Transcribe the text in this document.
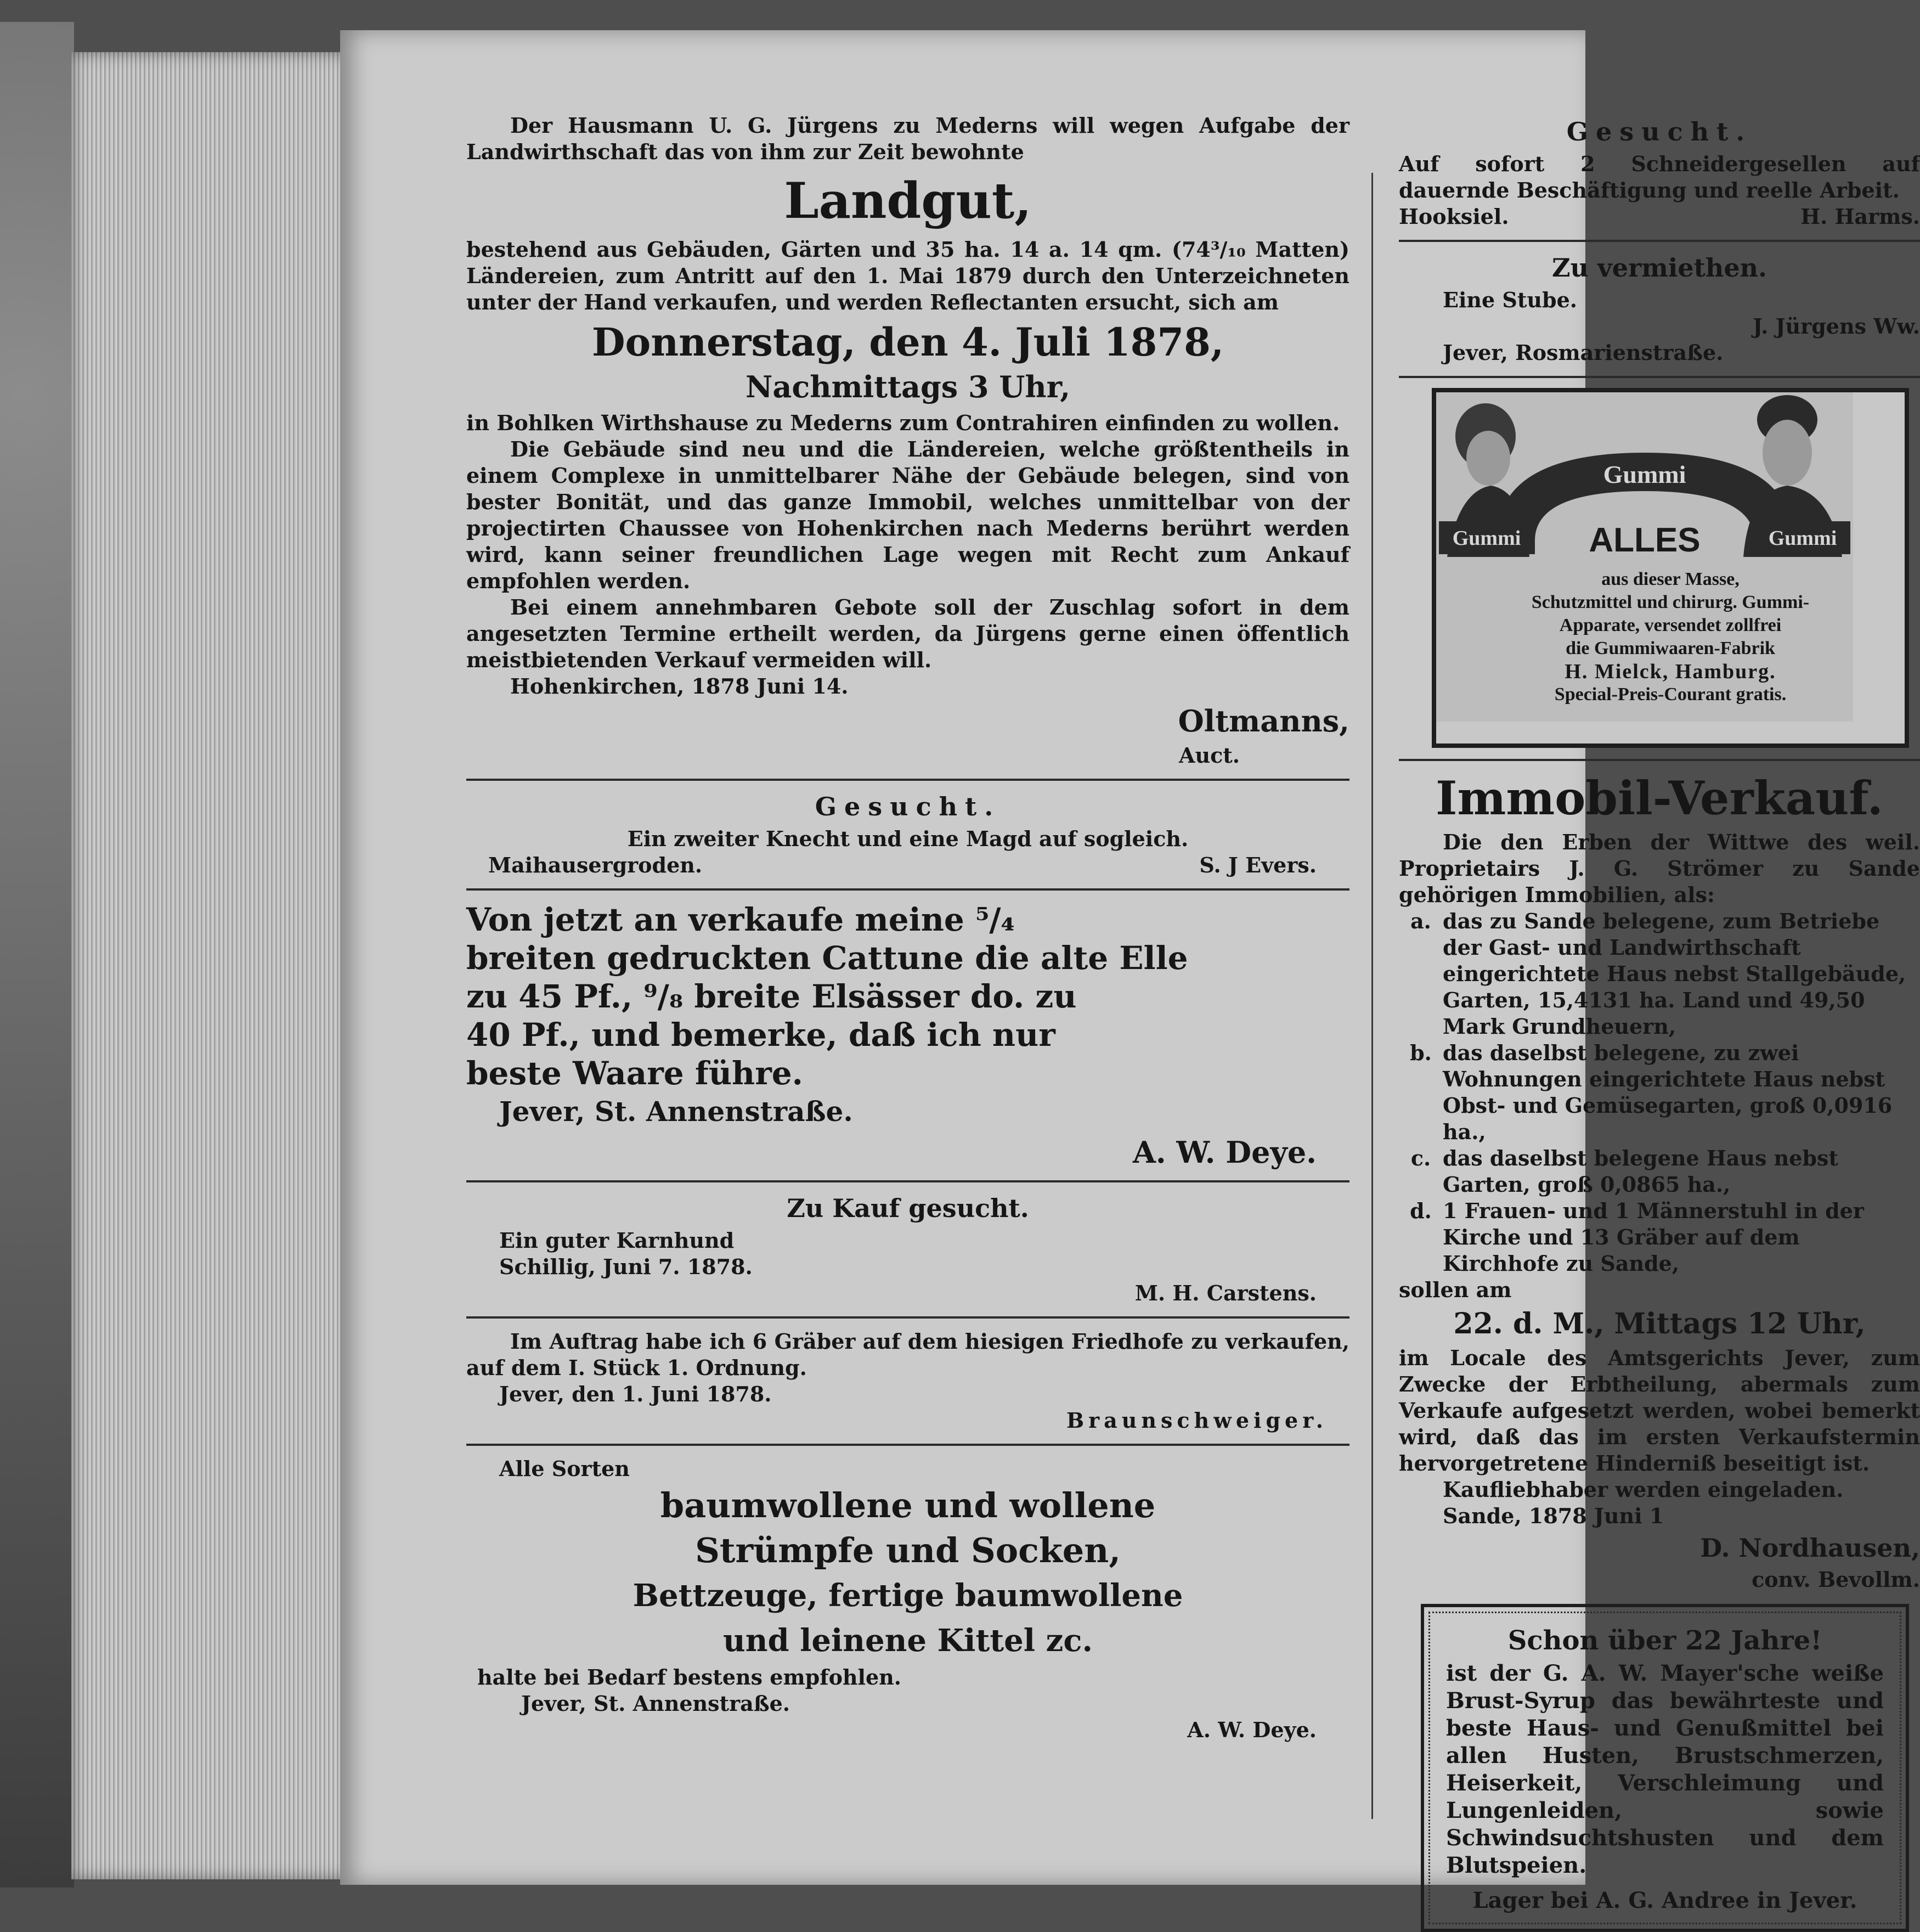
Der Hausmann U. G. Jürgens zu Mederns will wegen Aufgabe der Landwirthschaft das von ihm zur Zeit bewohnte

Landgut,

bestehend aus Gebäuden, Gärten und 35 ha. 14 a. 14 qm. (74³/₁₀ Matten) Ländereien, zum Antritt auf den 1. Mai 1879 durch den Unterzeichneten unter der Hand verkaufen, und werden Reflectanten ersucht, sich am

Donnerstag, den 4. Juli 1878,
Nachmittags 3 Uhr,

in Bohlken Wirthshause zu Mederns zum Contrahiren einfinden zu wollen.

Die Gebäude sind neu und die Ländereien, welche größtentheils in einem Complexe in unmittelbarer Nähe der Gebäude belegen, sind von bester Bonität, und das ganze Immobil, welches unmittelbar von der projectirten Chaussee von Hohenkirchen nach Mederns berührt werden wird, kann seiner freundlichen Lage wegen mit Recht zum Ankauf empfohlen werden.

Bei einem annehmbaren Gebote soll der Zuschlag sofort in dem angesetzten Termine ertheilt werden, da Jürgens gerne einen öffentlich meistbietenden Verkauf vermeiden will.

Hohenkirchen, 1878 Juni 14.

Oltmanns,

Auct.

Gesucht.

Ein zweiter Knecht und eine Magd auf sogleich.

Maihausergroden.	S. J Evers.

Von jetzt an verkaufe meine ⁵/₄

breiten gedruckten Cattune die alte Elle

zu 45 Pf., ⁹/₈ breite Elsässer do. zu

40 Pf., und bemerke, daß ich nur

beste Waare führe.

Jever, St. Annenstraße.

A. W. Deye.
Zu Kauf gesucht.

Ein guter Karnhund

Schillig, Juni 7. 1878.

M. H. Carstens.

Im Auftrag habe ich 6 Gräber auf dem hiesigen Friedhofe zu verkaufen, auf dem I. Stück 1. Ordnung.

Jever, den 1. Juni 1878.

Braunschweiger.

Alle Sorten

baumwollene und wollene
Strümpfe und Socken,
Bettzeuge, fertige baumwollene
und leinene Kittel zc.

halte bei Bedarf bestens empfohlen.

Jever, St. Annenstraße.

A. W. Deye.

Gesucht.

Auf sofort 2 Schneidergesellen auf dauernde Beschäftigung und reelle Arbeit.

Hooksiel.	H. Harms.
Zu vermiethen.

Eine Stube.

J. Jürgens Ww.

Jever, Rosmarienstraße.

Gummi
Gummi	Gummi
ALLES
aus dieser Masse,
Schutzmittel und chirurg. Gummi-
Apparate, versendet zollfrei
die Gummiwaaren-Fabrik
H. Mielck, Hamburg.
Special-Preis-Courant gratis.
Immobil-Verkauf.

Die den Erben der Wittwe des weil. Proprietairs J. G. Strömer zu Sande gehörigen Immobilien, als:

a. das zu Sande belegene, zum Betriebe der Gast- und Landwirthschaft eingerichtete Haus nebst Stallgebäude, Garten, 15,4131 ha. Land und 49,50 Mark Grundheuern,
b. das daselbst belegene, zu zwei Wohnungen eingerichtete Haus nebst Obst- und Gemüsegarten, groß 0,0916 ha.,
c. das daselbst belegene Haus nebst Garten, groß 0,0865 ha.,
d. 1 Frauen- und 1 Männerstuhl in der Kirche und 13 Gräber auf dem Kirchhofe zu Sande,

sollen am

22. d. M., Mittags 12 Uhr,

im Locale des Amtsgerichts Jever, zum Zwecke der Erbtheilung, abermals zum Verkaufe aufgesetzt werden, wobei bemerkt wird, daß das im ersten Verkaufstermin hervorgetretene Hinderniß beseitigt ist.

Kaufliebhaber werden eingeladen.

Sande, 1878 Juni 1

D. Nordhausen,

conv. Bevollm.

Schon über 22 Jahre!

ist der G. A. W. Mayer'sche weiße Brust-Syrup das bewährteste und beste Haus- und Genußmittel bei allen Husten, Brustschmerzen, Heiserkeit, Verschleimung und Lungenleiden, sowie Schwindsuchtshusten und dem Blutspeien.

Lager bei A. G. Andree in Jever.
